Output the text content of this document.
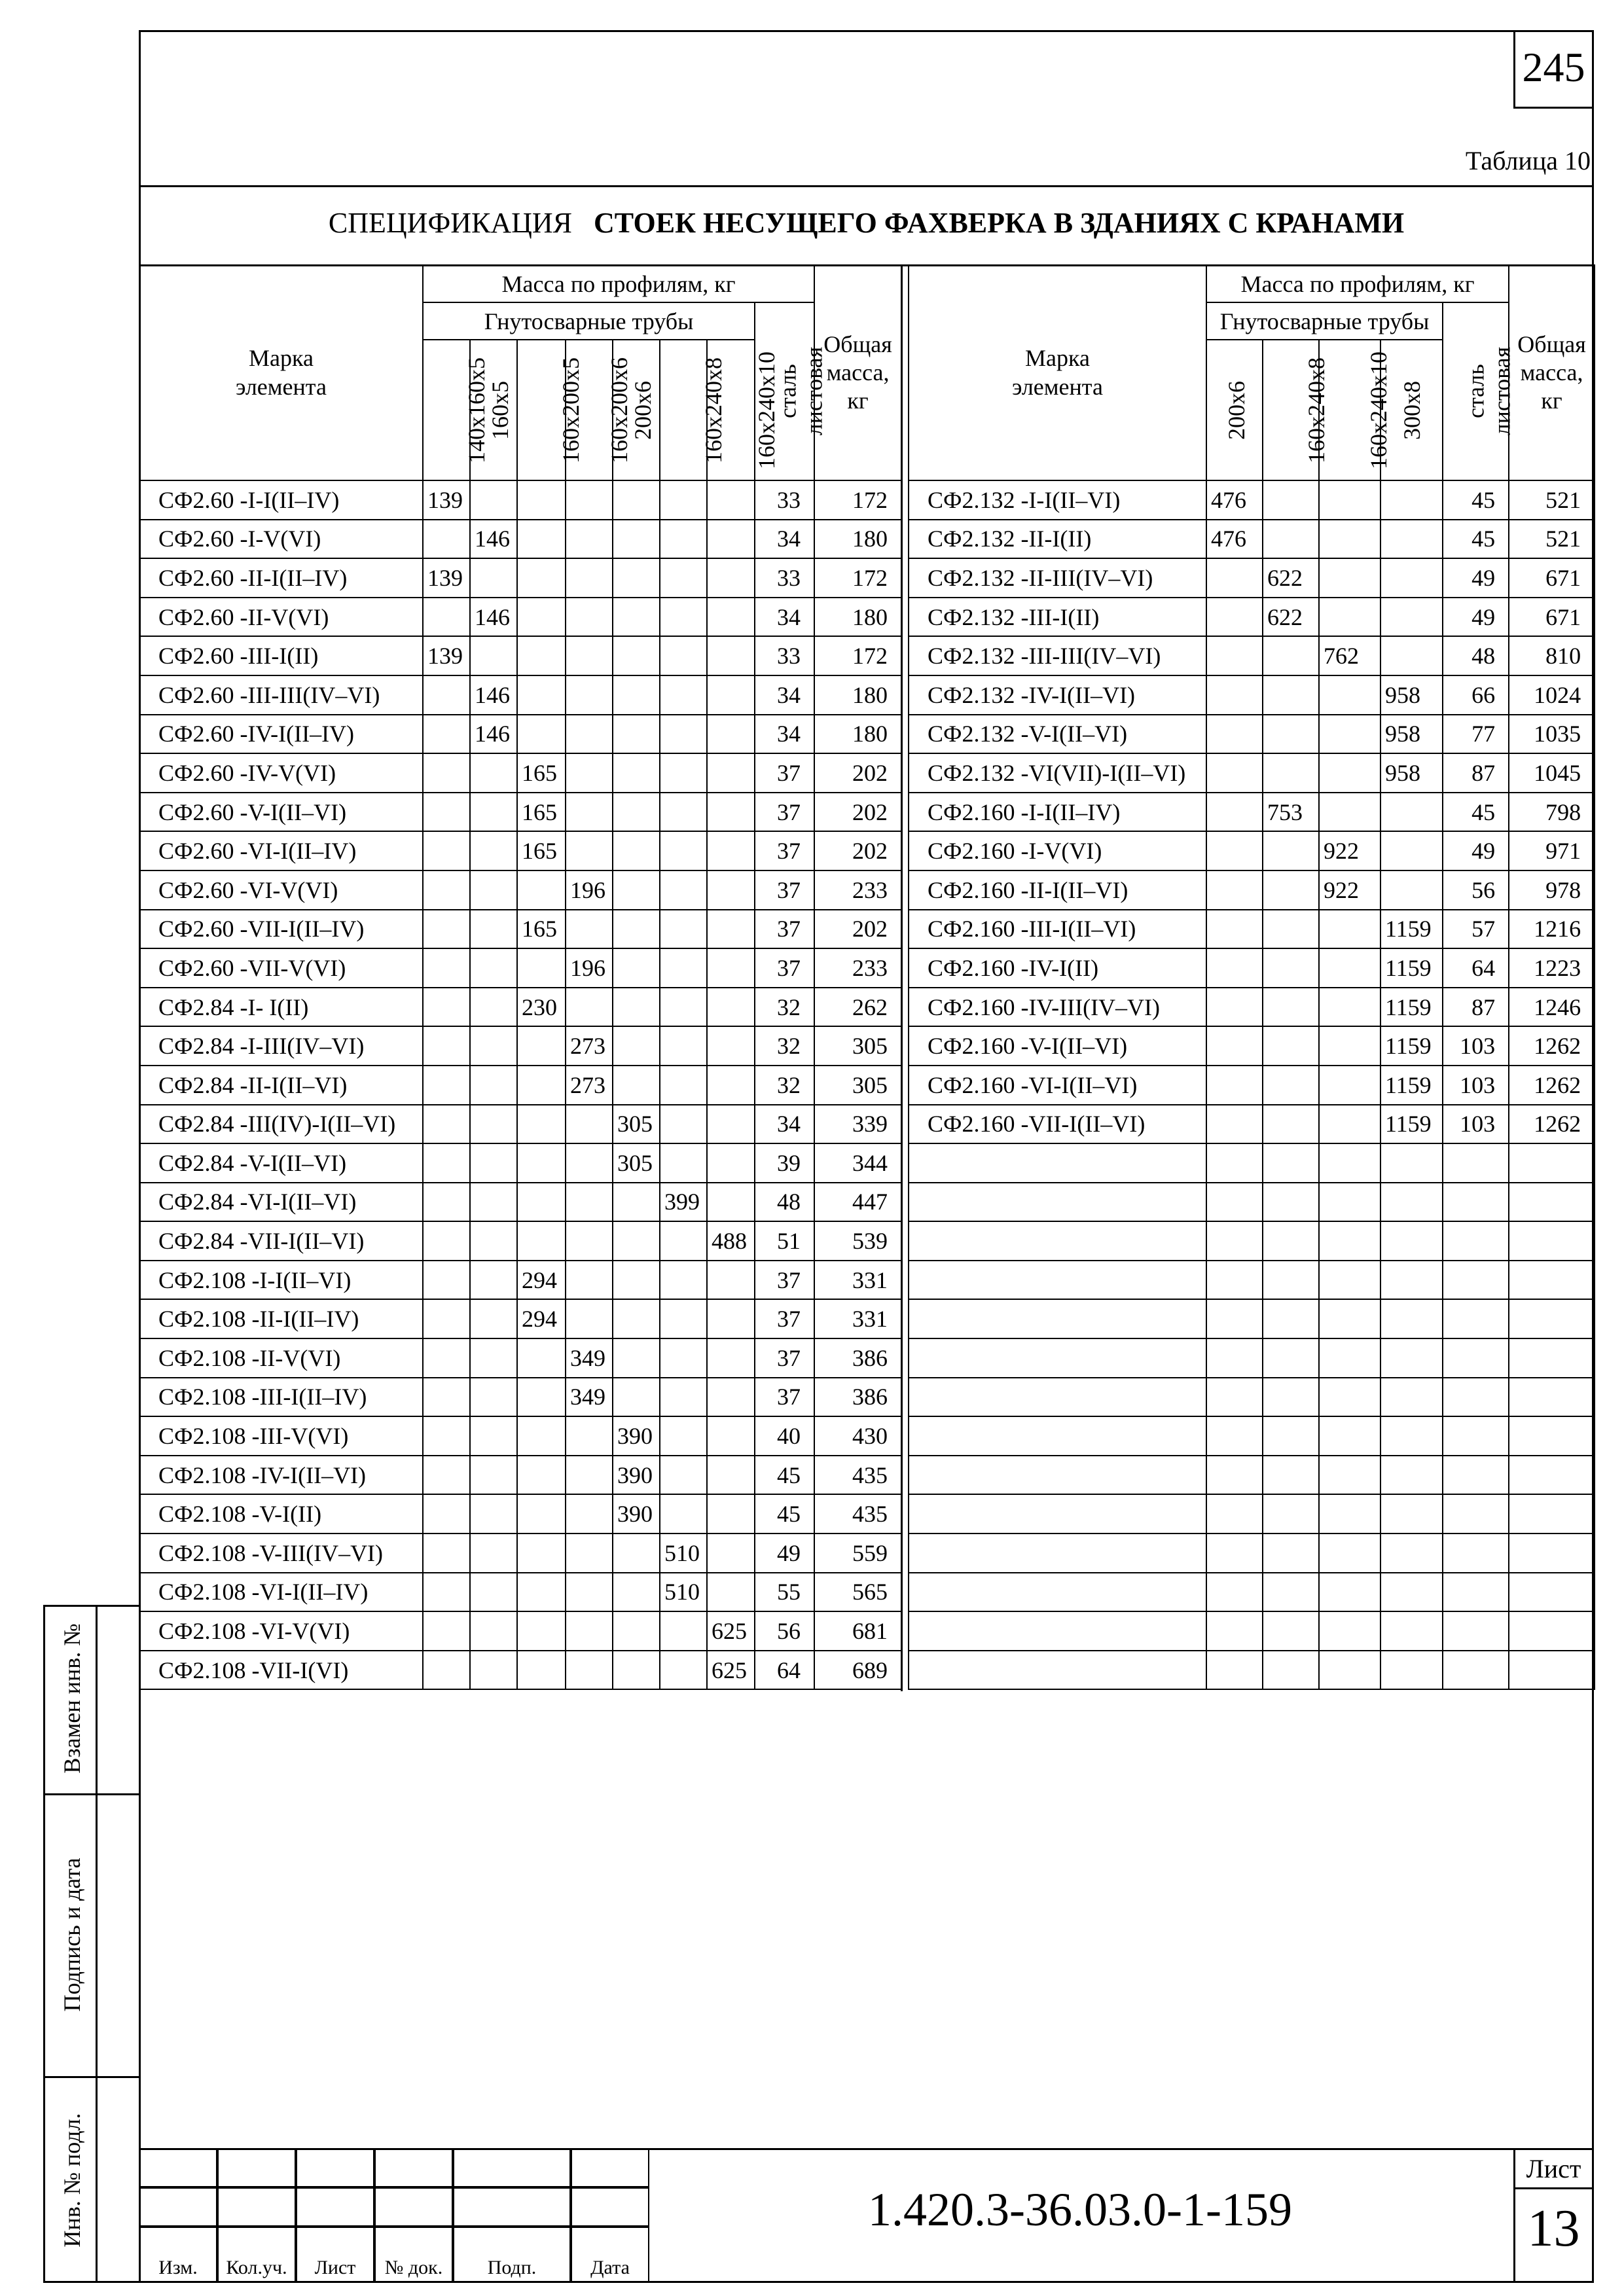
245
Таблица 10
СПЕЦИФИКАЦИЯ СТОЕК НЕСУЩЕГО ФАХВЕРКА В ЗДАНИЯХ С КРАНАМИ
Марка элемента	Масса по профилям, кг								Общая масса, кг
	Гнутосварные трубы							сталь листовая	
	140x160x5	160x5	160x200x5	160x200x6	200x6	160x240x8	160x240x10		
СФ2.60 -I-I(II–IV)	139							33	172
СФ2.60 -I-V(VI)		146						34	180
СФ2.60 -II-I(II–IV)	139							33	172
СФ2.60 -II-V(VI)		146						34	180
СФ2.60 -III-I(II)	139							33	172
СФ2.60 -III-III(IV–VI)		146						34	180
СФ2.60 -IV-I(II–IV)		146						34	180
СФ2.60 -IV-V(VI)			165					37	202
СФ2.60 -V-I(II–VI)			165					37	202
СФ2.60 -VI-I(II–IV)			165					37	202
СФ2.60 -VI-V(VI)				196				37	233
СФ2.60 -VII-I(II–IV)			165					37	202
СФ2.60 -VII-V(VI)				196				37	233
СФ2.84 -I- I(II)			230					32	262
СФ2.84 -I-III(IV–VI)				273				32	305
СФ2.84 -II-I(II–VI)				273				32	305
СФ2.84 -III(IV)-I(II–VI)					305			34	339
СФ2.84 -V-I(II–VI)					305			39	344
СФ2.84 -VI-I(II–VI)						399		48	447
СФ2.84 -VII-I(II–VI)							488	51	539
СФ2.108 -I-I(II–VI)			294					37	331
СФ2.108 -II-I(II–IV)			294					37	331
СФ2.108 -II-V(VI)				349				37	386
СФ2.108 -III-I(II–IV)				349				37	386
СФ2.108 -III-V(VI)					390			40	430
СФ2.108 -IV-I(II–VI)					390			45	435
СФ2.108 -V-I(II)					390			45	435
СФ2.108 -V-III(IV–VI)						510		49	559
СФ2.108 -VI-I(II–IV)						510		55	565
СФ2.108 -VI-V(VI)							625	56	681
СФ2.108 -VII-I(VI)							625	64	689
Марка элемента	Масса по профилям, кг					Общая масса, кг
	Гнутосварные трубы				сталь листовая	
	200x6	160x240x8	160x240x10	300x8		
СФ2.132 -I-I(II–VI)	476				45	521
СФ2.132 -II-I(II)	476				45	521
СФ2.132 -II-III(IV–VI)		622			49	671
СФ2.132 -III-I(II)		622			49	671
СФ2.132 -III-III(IV–VI)			762		48	810
СФ2.132 -IV-I(II–VI)				958	66	1024
СФ2.132 -V-I(II–VI)				958	77	1035
СФ2.132 -VI(VII)-I(II–VI)				958	87	1045
СФ2.160 -I-I(II–IV)		753			45	798
СФ2.160 -I-V(VI)			922		49	971
СФ2.160 -II-I(II–VI)			922		56	978
СФ2.160 -III-I(II–VI)				1159	57	1216
СФ2.160 -IV-I(II)				1159	64	1223
СФ2.160 -IV-III(IV–VI)				1159	87	1246
СФ2.160 -V-I(II–VI)				1159	103	1262
СФ2.160 -VI-I(II–VI)				1159	103	1262
СФ2.160 -VII-I(II–VI)				1159	103	1262

Взамен инв. №
Подпись и дата
Инв. № подл.
Изм.	Кол.уч.	Лист	№ док.	Подп.	Дата
1.420.3-36.03.0-1-159
Лист
13
